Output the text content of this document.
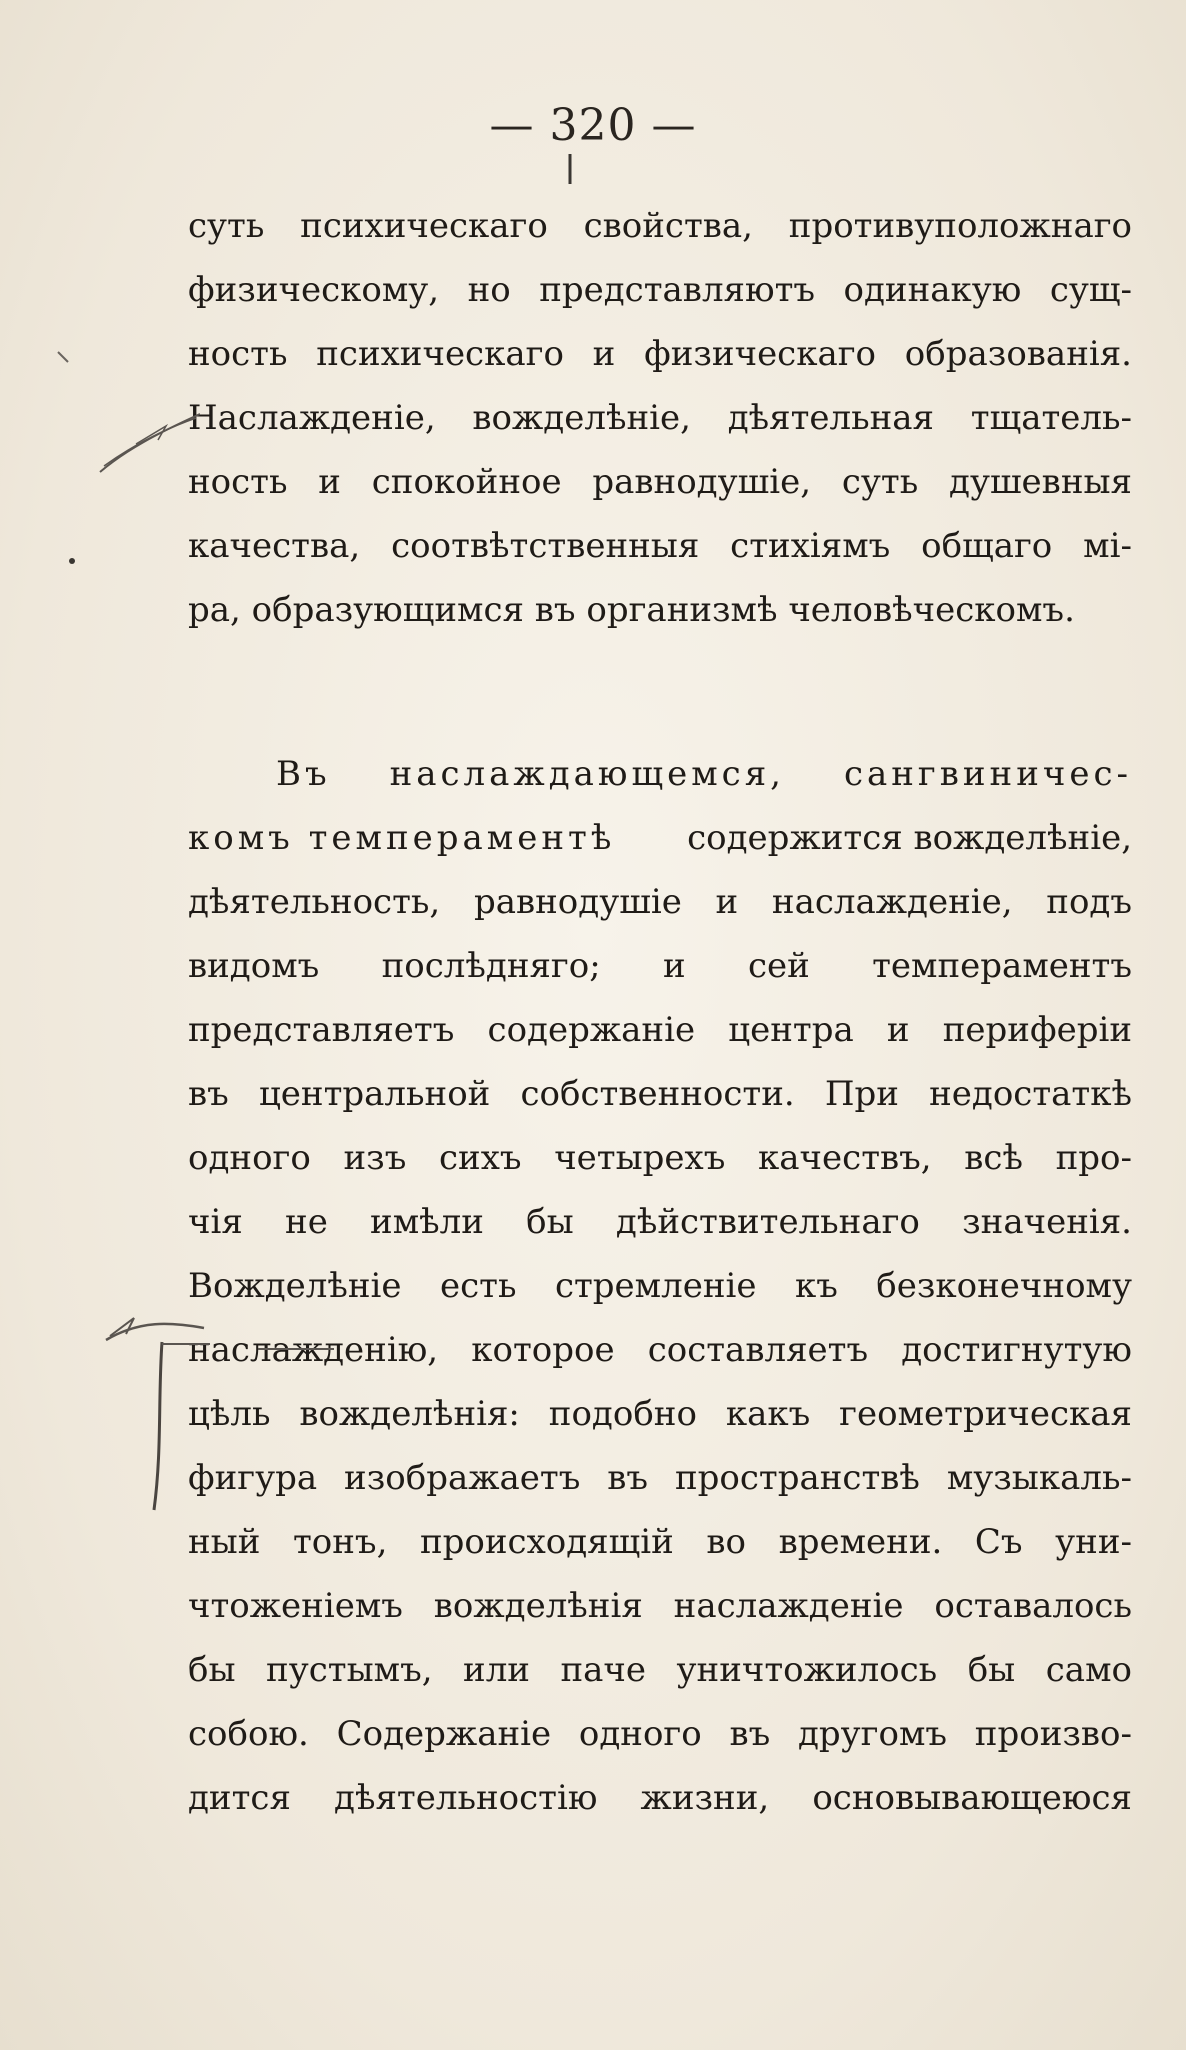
— 320 —
суть психическаго свойства, противуположнаго
физическому, но представляютъ одинакую сущ-
ность психическаго и физическаго образованія.
Наслажденіе, вожделѣніе, дѣятельная тщатель-
ность и спокойное равнодушіе, суть душевныя
качества, соотвѣтственныя стихіямъ общаго мі-
ра, образующимся въ организмѣ человѣческомъ.
Въ наслаждающемся, сангвиничес-
комъ темпераментѣ содержится вожделѣніе,
дѣятельность, равнодушіе и наслажденіе, подъ
видомъ послѣдняго; и сей темпераментъ
представляетъ содержаніе центра и периферіи
въ центральной собственности. При недостаткѣ
одного изъ сихъ четырехъ качествъ, всѣ про-
чія не имѣли бы дѣйствительнаго значенія.
Вожделѣніе есть стремленіе къ безконечному
наслажденію, которое составляетъ достигнутую
цѣль вожделѣнія: подобно какъ геометрическая
фигура изображаетъ въ пространствѣ музыкаль-
ный тонъ, происходящій во времени. Съ уни-
чтоженіемъ вожделѣнія наслажденіе оставалось
бы пустымъ, или паче уничтожилось бы само
собою. Содержаніе одного въ другомъ произво-
дится дѣятельностію жизни, основывающеюся
